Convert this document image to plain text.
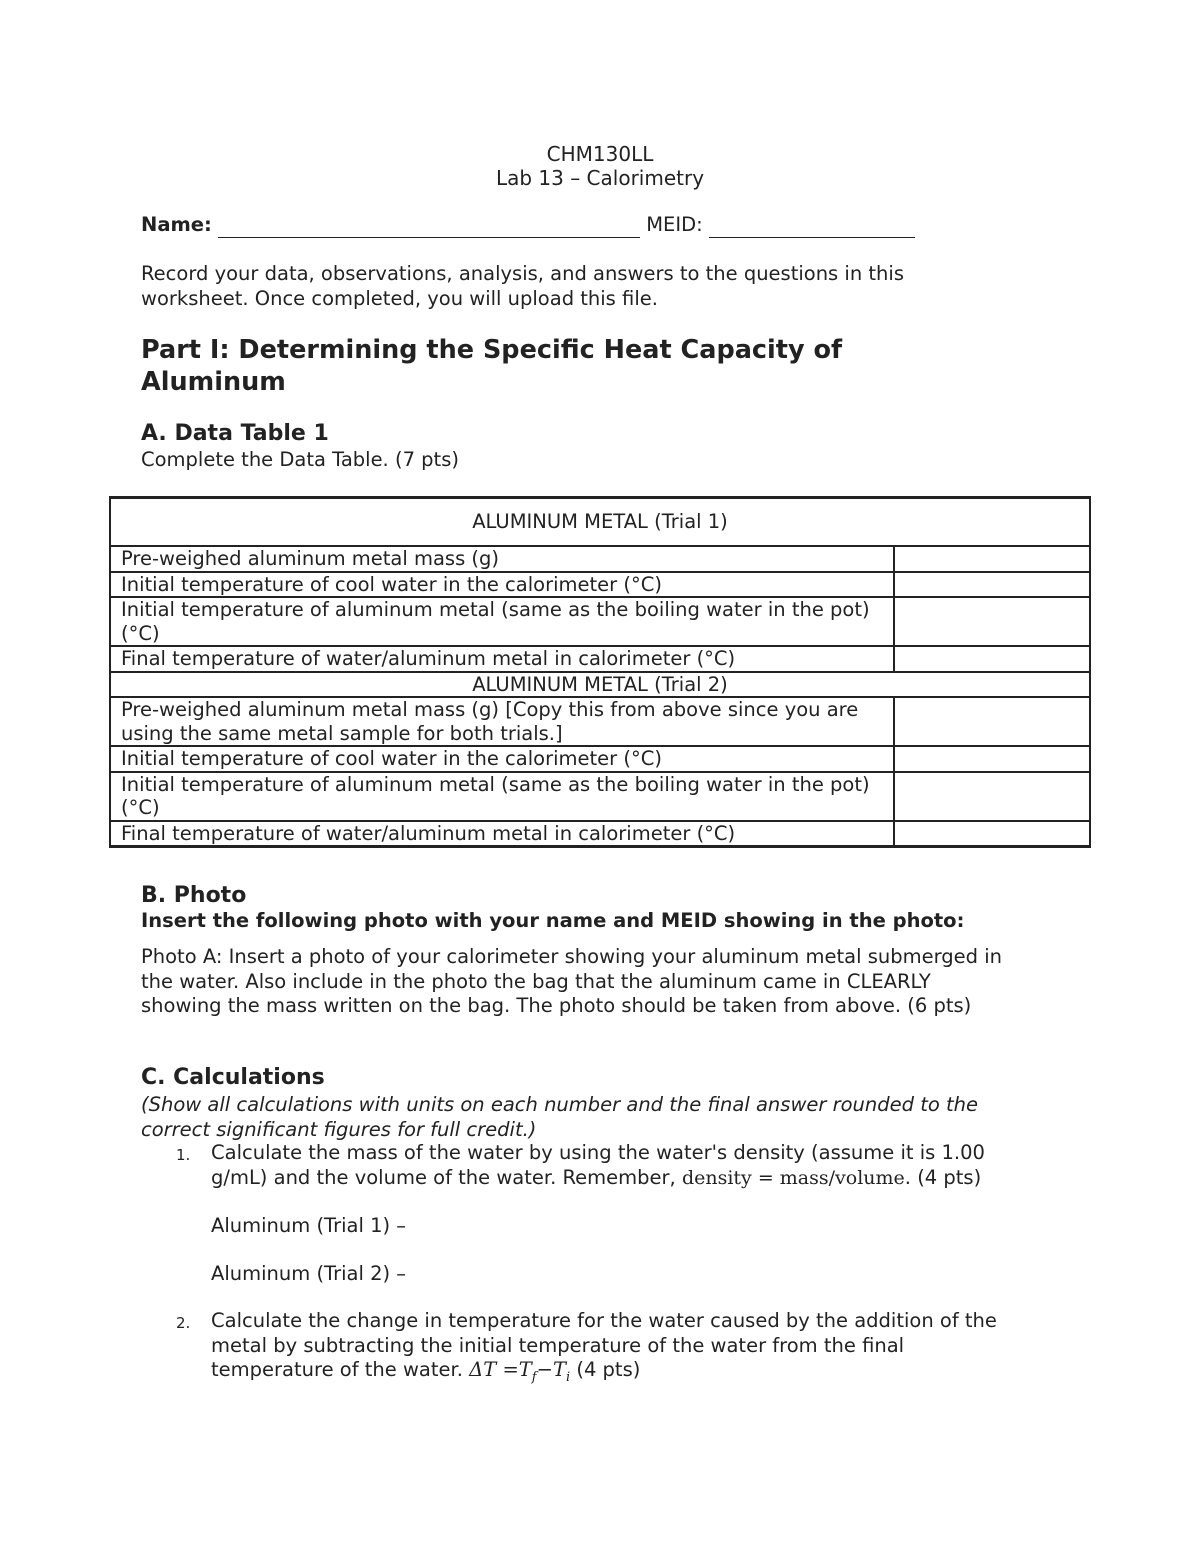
CHM130LL
Lab 13 – Calorimetry
Name:	MEID:
Record your data, observations, analysis, and answers to the questions in this
worksheet. Once completed, you will upload this file.
Part I: Determining the Specific Heat Capacity of
Aluminum
A. Data Table 1
Complete the Data Table. (7 pts)
ALUMINUM METAL (Trial 1)	
Pre-weighed aluminum metal mass (g)	
Initial temperature of cool water in the calorimeter (°C)	
Initial temperature of aluminum metal (same as the boiling water in the pot) (°C)	
Final temperature of water/aluminum metal in calorimeter (°C)	
ALUMINUM METAL (Trial 2)	
Pre-weighed aluminum metal mass (g) [Copy this from above since you are using the same metal sample for both trials.]	
Initial temperature of cool water in the calorimeter (°C)	
Initial temperature of aluminum metal (same as the boiling water in the pot) (°C)	
Final temperature of water/aluminum metal in calorimeter (°C)	
B. Photo
Insert the following photo with your name and MEID showing in the photo:
Photo A: Insert a photo of your calorimeter showing your aluminum metal submerged in
the water. Also include in the photo the bag that the aluminum came in CLEARLY
showing the mass written on the bag. The photo should be taken from above. (6 pts)
C. Calculations
(Show all calculations with units on each number and the final answer rounded to the
correct significant figures for full credit.)
1. Calculate the mass of the water by using the water's density (assume it is 1.00
g/mL) and the volume of the water. Remember, density = mass/volume. (4 pts)
Aluminum (Trial 1) –
Aluminum (Trial 2) –
2. Calculate the change in temperature for the water caused by the addition of the
metal by subtracting the initial temperature of the water from the final
temperature of the water. $\Delta T =T_f-T_i$ (4 pts)
